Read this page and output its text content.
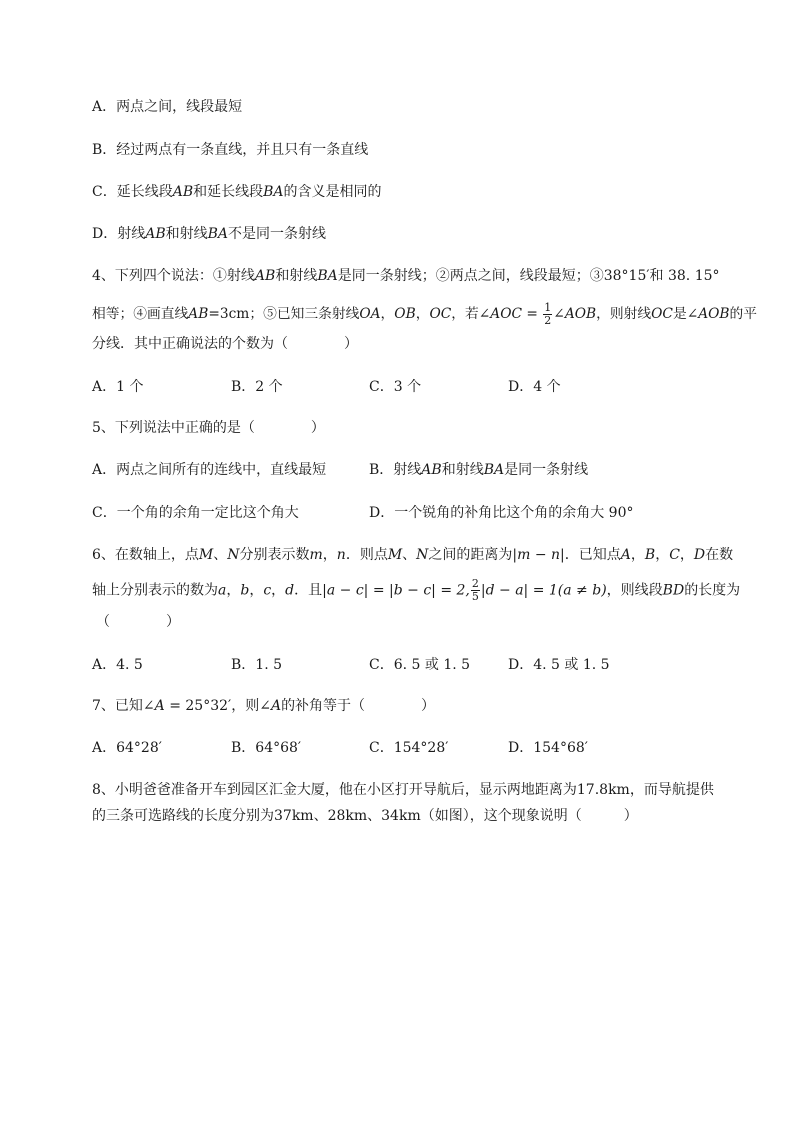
A．两点之间，线段最短
B．经过两点有一条直线，并且只有一条直线
C．延长线段AB和延长线段BA的含义是相同的
D．射线AB和射线BA不是同一条射线
4、下列四个说法：①射线AB和射线BA是同一条射线；②两点之间，线段最短；③38°15′和 38. 15°
相等；④画直线AB=3cm；⑤已知三条射线OA，OB，OC，若∠AOC = $\frac{1}{2}$ ∠AOB，则射线OC是∠AOB的平
分线．其中正确说法的个数为（　　　　）
A．1 个	B．2 个	C．3 个	D．4 个
5、下列说法中正确的是（　　　　）
A．两点之间所有的连线中，直线最短	B．射线AB和射线BA是同一条射线
C．一个角的余角一定比这个角大	D．一个锐角的补角比这个角的余角大 90°
6、在数轴上，点M、N分别表示数m，n．则点M、N之间的距离为|m − n|．已知点A，B，C，D在数
轴上分别表示的数为a，b，c，d．且|a − c| = |b − c| = 2, $\frac{2}{5} |d - a| = 1(a \ne b)$，则线段BD的长度为
（　　　　）
A．4. 5	B．1. 5	C．6. 5 或 1. 5	D．4. 5 或 1. 5
7、已知∠A = 25°32′，则∠A的补角等于（　　　　）
A．64°28′	B．64°68′	C．154°28′	D．154°68′
8、小明爸爸准备开车到园区汇金大厦，他在小区打开导航后，显示两地距离为17.8km，而导航提供
的三条可选路线的长度分别为37km、28km、34km（如图），这个现象说明（　　　）
